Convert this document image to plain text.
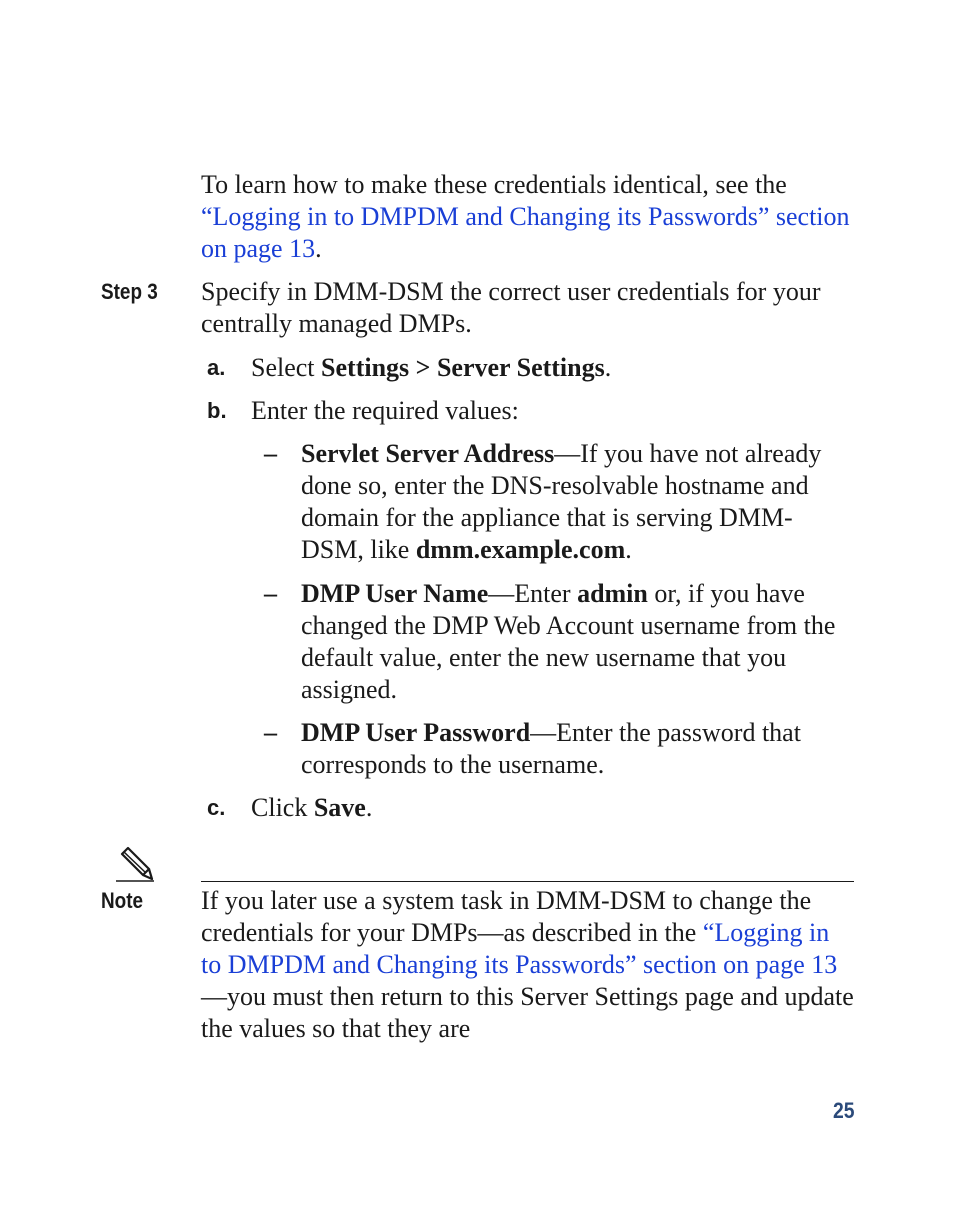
To learn how to make these credentials identical, see the “Logging in to DMPDM and Changing its Passwords” section on page 13.

Step 3 Specify in DMM-DSM the correct user credentials for your centrally managed DMPs.

a. Select Settings > Server Settings.

b. Enter the required values:

– Servlet Server Address—If you have not already done so, enter the DNS-resolvable hostname and domain for the appliance that is serving DMM-DSM, like dmm.example.com.

– DMP User Name—Enter admin or, if you have changed the DMP Web Account username from the default value, enter the new username that you assigned.

– DMP User Password—Enter the password that corresponds to the username.

c. Click Save.

Note If you later use a system task in DMM-DSM to change the credentials for your DMPs—as described in the “Logging in to DMPDM and Changing its Passwords” section on page 13—you must then return to this Server Settings page and update the values so that they are

25
